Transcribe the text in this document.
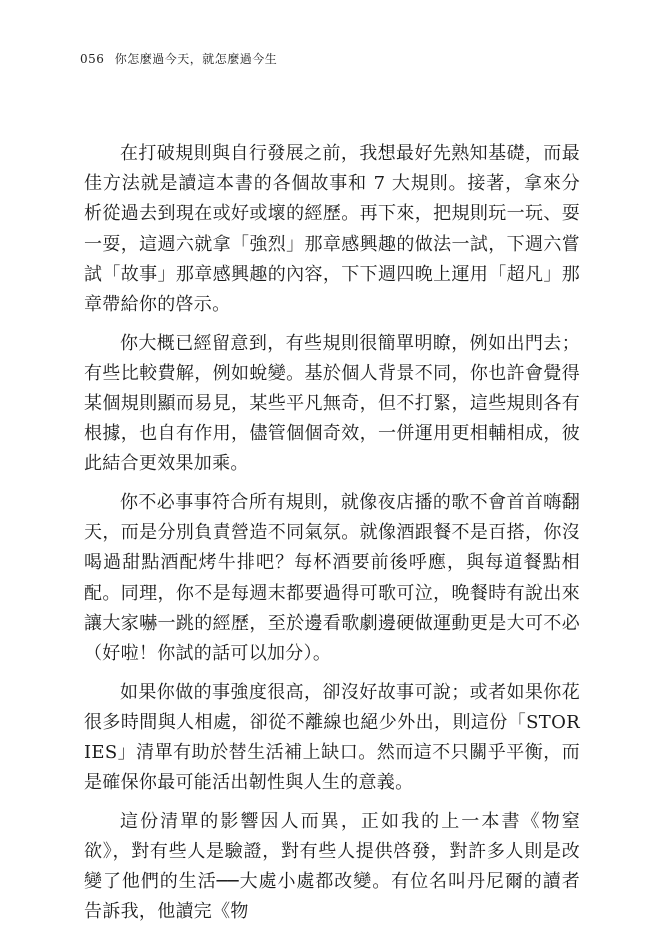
056 你怎麼過今天，就怎麼過今生

在打破規則與自行發展之前，我想最好先熟知基礎，而最佳方法就是讀這本書的各個故事和 7 大規則。接著，拿來分析從過去到現在或好或壞的經歷。再下來，把規則玩一玩、耍一耍，這週六就拿「強烈」那章感興趣的做法一試，下週六嘗試「故事」那章感興趣的內容，下下週四晚上運用「超凡」那章帶給你的啓示。

你大概已經留意到，有些規則很簡單明瞭，例如出門去；有些比較費解，例如蛻變。基於個人背景不同，你也許會覺得某個規則顯而易見，某些平凡無奇，但不打緊，這些規則各有根據，也自有作用，儘管個個奇效，一併運用更相輔相成，彼此結合更效果加乘。

你不必事事符合所有規則，就像夜店播的歌不會首首嗨翻天，而是分別負責營造不同氣氛。就像酒跟餐不是百搭，你沒喝過甜點酒配烤牛排吧？每杯酒要前後呼應，與每道餐點相配。同理，你不是每週末都要過得可歌可泣，晚餐時有說出來讓大家嚇一跳的經歷，至於邊看歌劇邊硬做運動更是大可不必（好啦！你試的話可以加分）。

如果你做的事強度很高，卻沒好故事可說；或者如果你花很多時間與人相處，卻從不離線也絕少外出，則這份「STORIES」清單有助於替生活補上缺口。然而這不只關乎平衡，而是確保你最可能活出韌性與人生的意義。

這份清單的影響因人而異，正如我的上一本書《物窒欲》，對有些人是驗證，對有些人提供啓發，對許多人則是改變了他們的生活──大處小處都改變。有位名叫丹尼爾的讀者告訴我，他讀完《物
